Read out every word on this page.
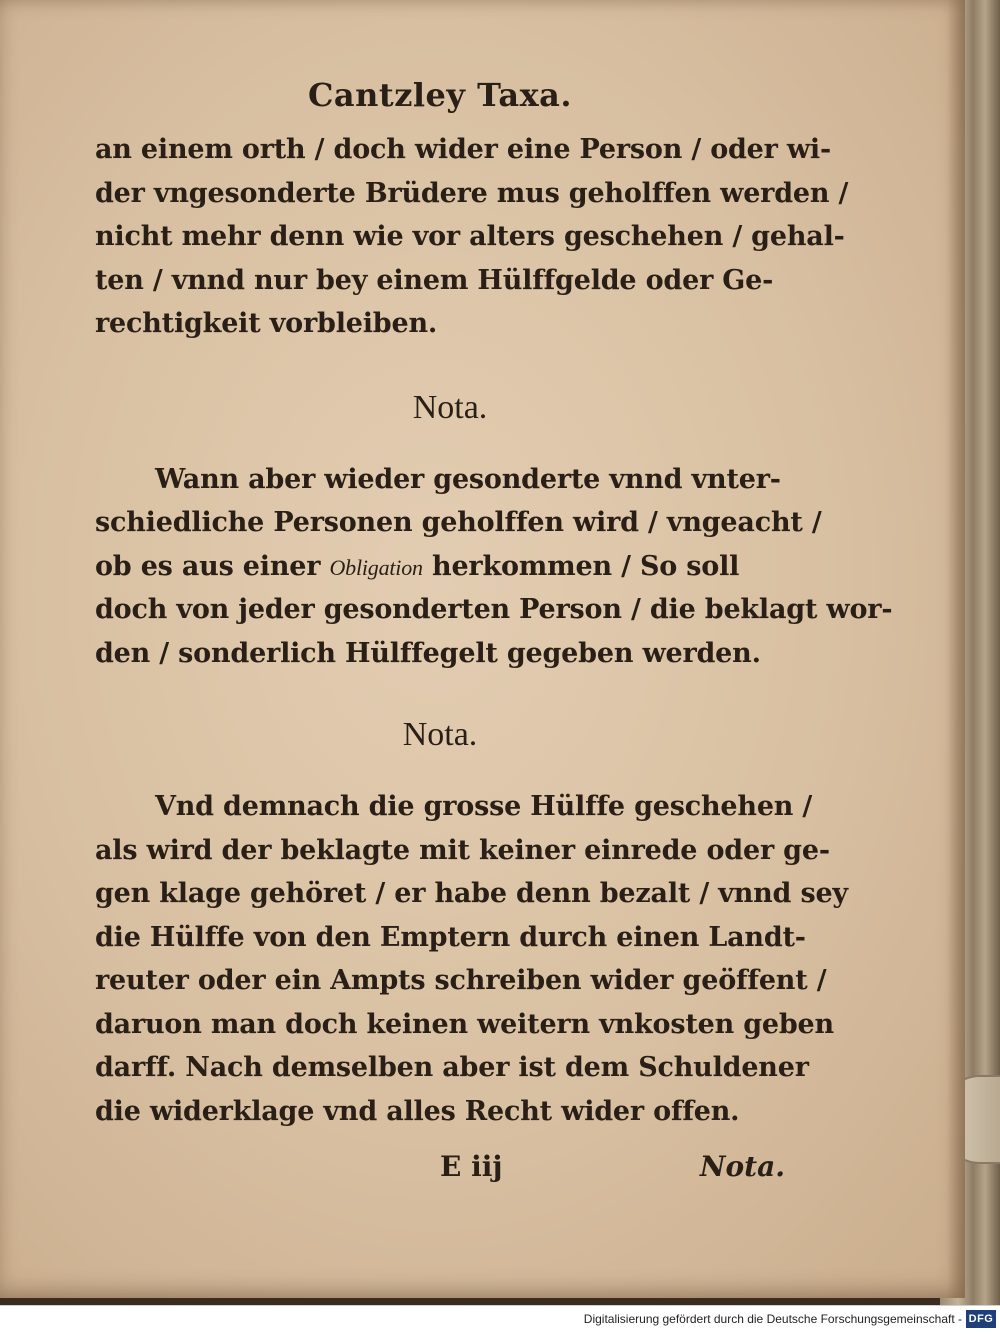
Cantzley Taxa.
an einem orth / doch wider eine Person / oder wi-
der vngesonderte Brüdere mus geholffen werden /
nicht mehr denn wie vor alters geschehen / gehal-
ten / vnnd nur bey einem Hülffgelde oder Ge-
rechtigkeit vorbleiben.
Nota.
Wann aber wieder gesonderte vnnd vnter-
schiedliche Personen geholffen wird / vngeacht /
ob es aus einer Obligation herkommen / So soll
doch von jeder gesonderten Person / die beklagt wor-
den / sonderlich Hülffegelt gegeben werden.
Nota.
Vnd demnach die grosse Hülffe geschehen /
als wird der beklagte mit keiner einrede oder ge-
gen klage gehöret / er habe denn bezalt / vnnd sey
die Hülffe von den Emptern durch einen Landt-
reuter oder ein Ampts schreiben wider geöffent /
daruon man doch keinen weitern vnkosten geben
darff. Nach demselben aber ist dem Schuldener
die widerklage vnd alles Recht wider offen.
E iij	Nota.
Digitalisierung gefördert durch die Deutsche Forschungsgemeinschaft - DFG
